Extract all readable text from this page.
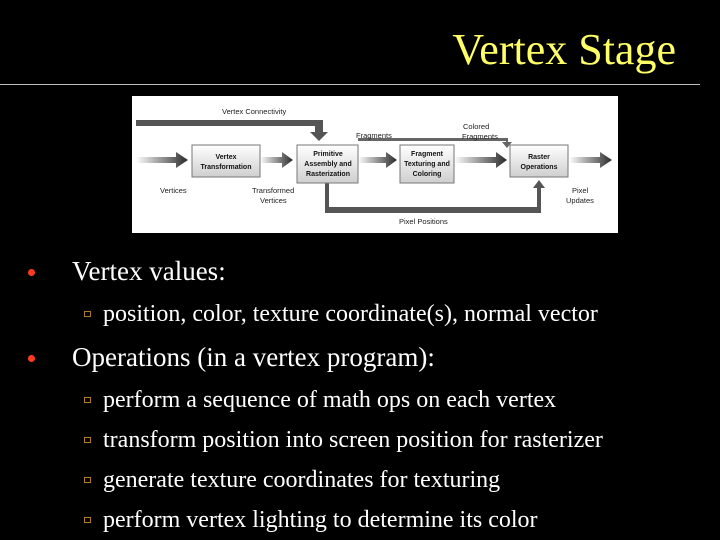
Vertex Stage
Vertex Connectivity
Fragments
Colored
Fragments
Vertices	Transformed
Vertices
Pixel
Updates
Pixel Positions
Vertex
Transformation
Primitive
Assembly and
Rasterization
Fragment
Texturing and
Coloring
Raster
Operations
Vertex values:
position, color, texture coordinate(s), normal vector
Operations (in a vertex program):
perform a sequence of math ops on each vertex
transform position into screen position for rasterizer
generate texture coordinates for texturing
perform vertex lighting to determine its color
